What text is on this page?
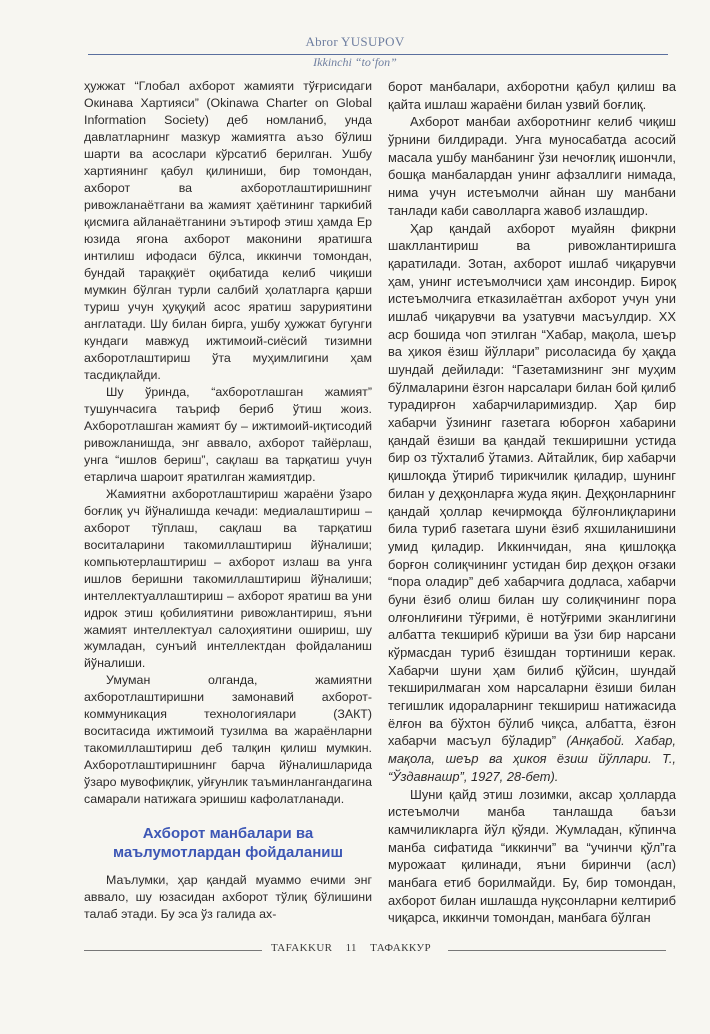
Abror YUSUPOV
Ikkinchi “to‘fon”

ҳужжат “Глобал ахборот жамияти тўғрисидаги Окинава Хартияси” (Okinawa Charter on Global Information Society) деб номланиб, унда давлатларнинг мазкур жамиятга аъзо бўлиш шарти ва асослари кўрсатиб берилган. Ушбу хартиянинг қабул қилиниши, бир томондан, ахборот ва ахборотлаштиришнинг ривожланаётгани ва жамият ҳаётининг таркибий қисмига айланаётганини эътироф этиш ҳамда Ер юзида ягона ахборот маконини яратишга интилиш ифодаси бўлса, иккинчи томондан, бундай тараққиёт оқибатида келиб чиқиши мумкин бўлган турли салбий ҳолатларга қарши туриш учун ҳуқуқий асос яратиш заруриятини англатади. Шу билан бирга, ушбу ҳужжат бугунги кундаги мавжуд ижтимоий-сиёсий тизимни ахборотлаштириш ўта муҳимлигини ҳам тасдиқлайди.

Шу ўринда, “ахборотлашган жамият” тушунчасига таъриф бериб ўтиш жоиз. Ахборотлашган жамият бу – ижтимоий-иқтисодий ривожланишда, энг аввало, ахборот тайёрлаш, унга “ишлов бериш”, сақлаш ва тарқатиш учун етарлича шароит яратилган жамиятдир.

Жамиятни ахборотлаштириш жараёни ўзаро боғлиқ уч йўналишда кечади: медиалаштириш – ахборот тўплаш, сақлаш ва тарқатиш воситаларини такомиллаштириш йўналиши; компьютерлаштириш – ахборот излаш ва унга ишлов беришни такомиллаштириш йўналиши; интеллектуаллаштириш – ахборот яратиш ва уни идрок этиш қобилиятини ривожлантириш, яъни жамият интеллектуал салоҳиятини ошириш, шу жумладан, сунъий интеллектдан фойдаланиш йўналиши.

Умуман олганда, жамиятни ахборотлаштиришни замонавий ахборот-коммуникация технологиялари (ЗАКТ) воситасида ижтимоий тузилма ва жараёнларни такомиллаштириш деб талқин қилиш мумкин. Ахборотлаштиришнинг барча йўналишларида ўзаро мувофиқлик, уйғунлик таъминлангандагина самарали натижага эришиш кафолатланади.

Ахборот манбалари ва
маълумотлардан фойдаланиш

Маълумки, ҳар қандай муаммо ечими энг аввало, шу юзасидан ахборот тўлиқ бўлишини талаб этади. Бу эса ўз галида ах-

борот манбалари, ахборотни қабул қилиш ва қайта ишлаш жараёни билан узвий боғлиқ.

Ахборот манбаи ахборотнинг келиб чиқиш ўрнини билдиради. Унга муносабатда асосий масала ушбу манбанинг ўзи нечоғлиқ ишончли, бошқа манбалардан унинг афзаллиги нимада, нима учун истеъмолчи айнан шу манбани танлади каби саволларга жавоб излашдир.

Ҳар қандай ахборот муайян фикрни шакллантириш ва ривожлантиришга қаратилади. Зотан, ахборот ишлаб чиқарувчи ҳам, унинг истеъмолчиси ҳам инсондир. Бироқ истеъмолчига етказилаётган ахборот учун уни ишлаб чиқарувчи ва узатувчи масъулдир. XX аср бошида чоп этилган “Хабар, мақола, шеър ва ҳикоя ёзиш йўллари” рисоласида бу ҳақда шундай дейилади: “Газетамизнинг энг муҳим бўлмаларини ёзгон нарсалари билан бой қилиб турадирғон хабарчиларимиздир. Ҳар бир хабарчи ўзининг газетага юборғон хабарини қандай ёзиши ва қандай текширишни устида бир оз тўхталиб ўтамиз. Айтайлик, бир хабарчи қишлоқда ўтириб тирикчилик қиладир, шунинг билан у деҳқонларға жуда яқин. Деҳқонларнинг қандай ҳоллар кечирмоқда бўлғонлиқларини била туриб газетага шуни ёзиб яхшиланишини умид қиладир. Иккинчидан, яна қишлоққа борғон солиқчининг устидан бир деҳқон оғзаки “пора оладир” деб хабарчига додласа, хабарчи буни ёзиб олиш билан шу солиқчининг пора олғонлиғини тўғрими, ё нотўғрими эканлигини албатта текшириб кўриши ва ўзи бир нарсани кўрмасдан туриб ёзишдан тортиниши керак. Хабарчи шуни ҳам билиб қўйсин, шундай текширилмаган хом нарсаларни ёзиши билан тегишлик идораларнинг текшириш натижасида ёлғон ва бўхтон бўлиб чиқса, албатта, ёзғон хабарчи масъул бўладир” (Анқабой. Хабар, мақола, шеър ва ҳикоя ёзиш йўллари. Т., “Ўздавнашр”, 1927, 28-бет).

Шуни қайд этиш лозимки, аксар ҳолларда истеъмолчи манба танлашда баъзи камчиликларга йўл қўяди. Жумладан, кўпинча манба сифатида “иккинчи” ва “учинчи қўл”га мурожаат қилинади, яъни биринчи (асл) манбага етиб борилмайди. Бу, бир томондан, ахборот билан ишлашда нуқсонларни келтириб чиқарса, иккинчи томондан, манбага бўлган

TAFAKKUR 11 ТАФАККУР
